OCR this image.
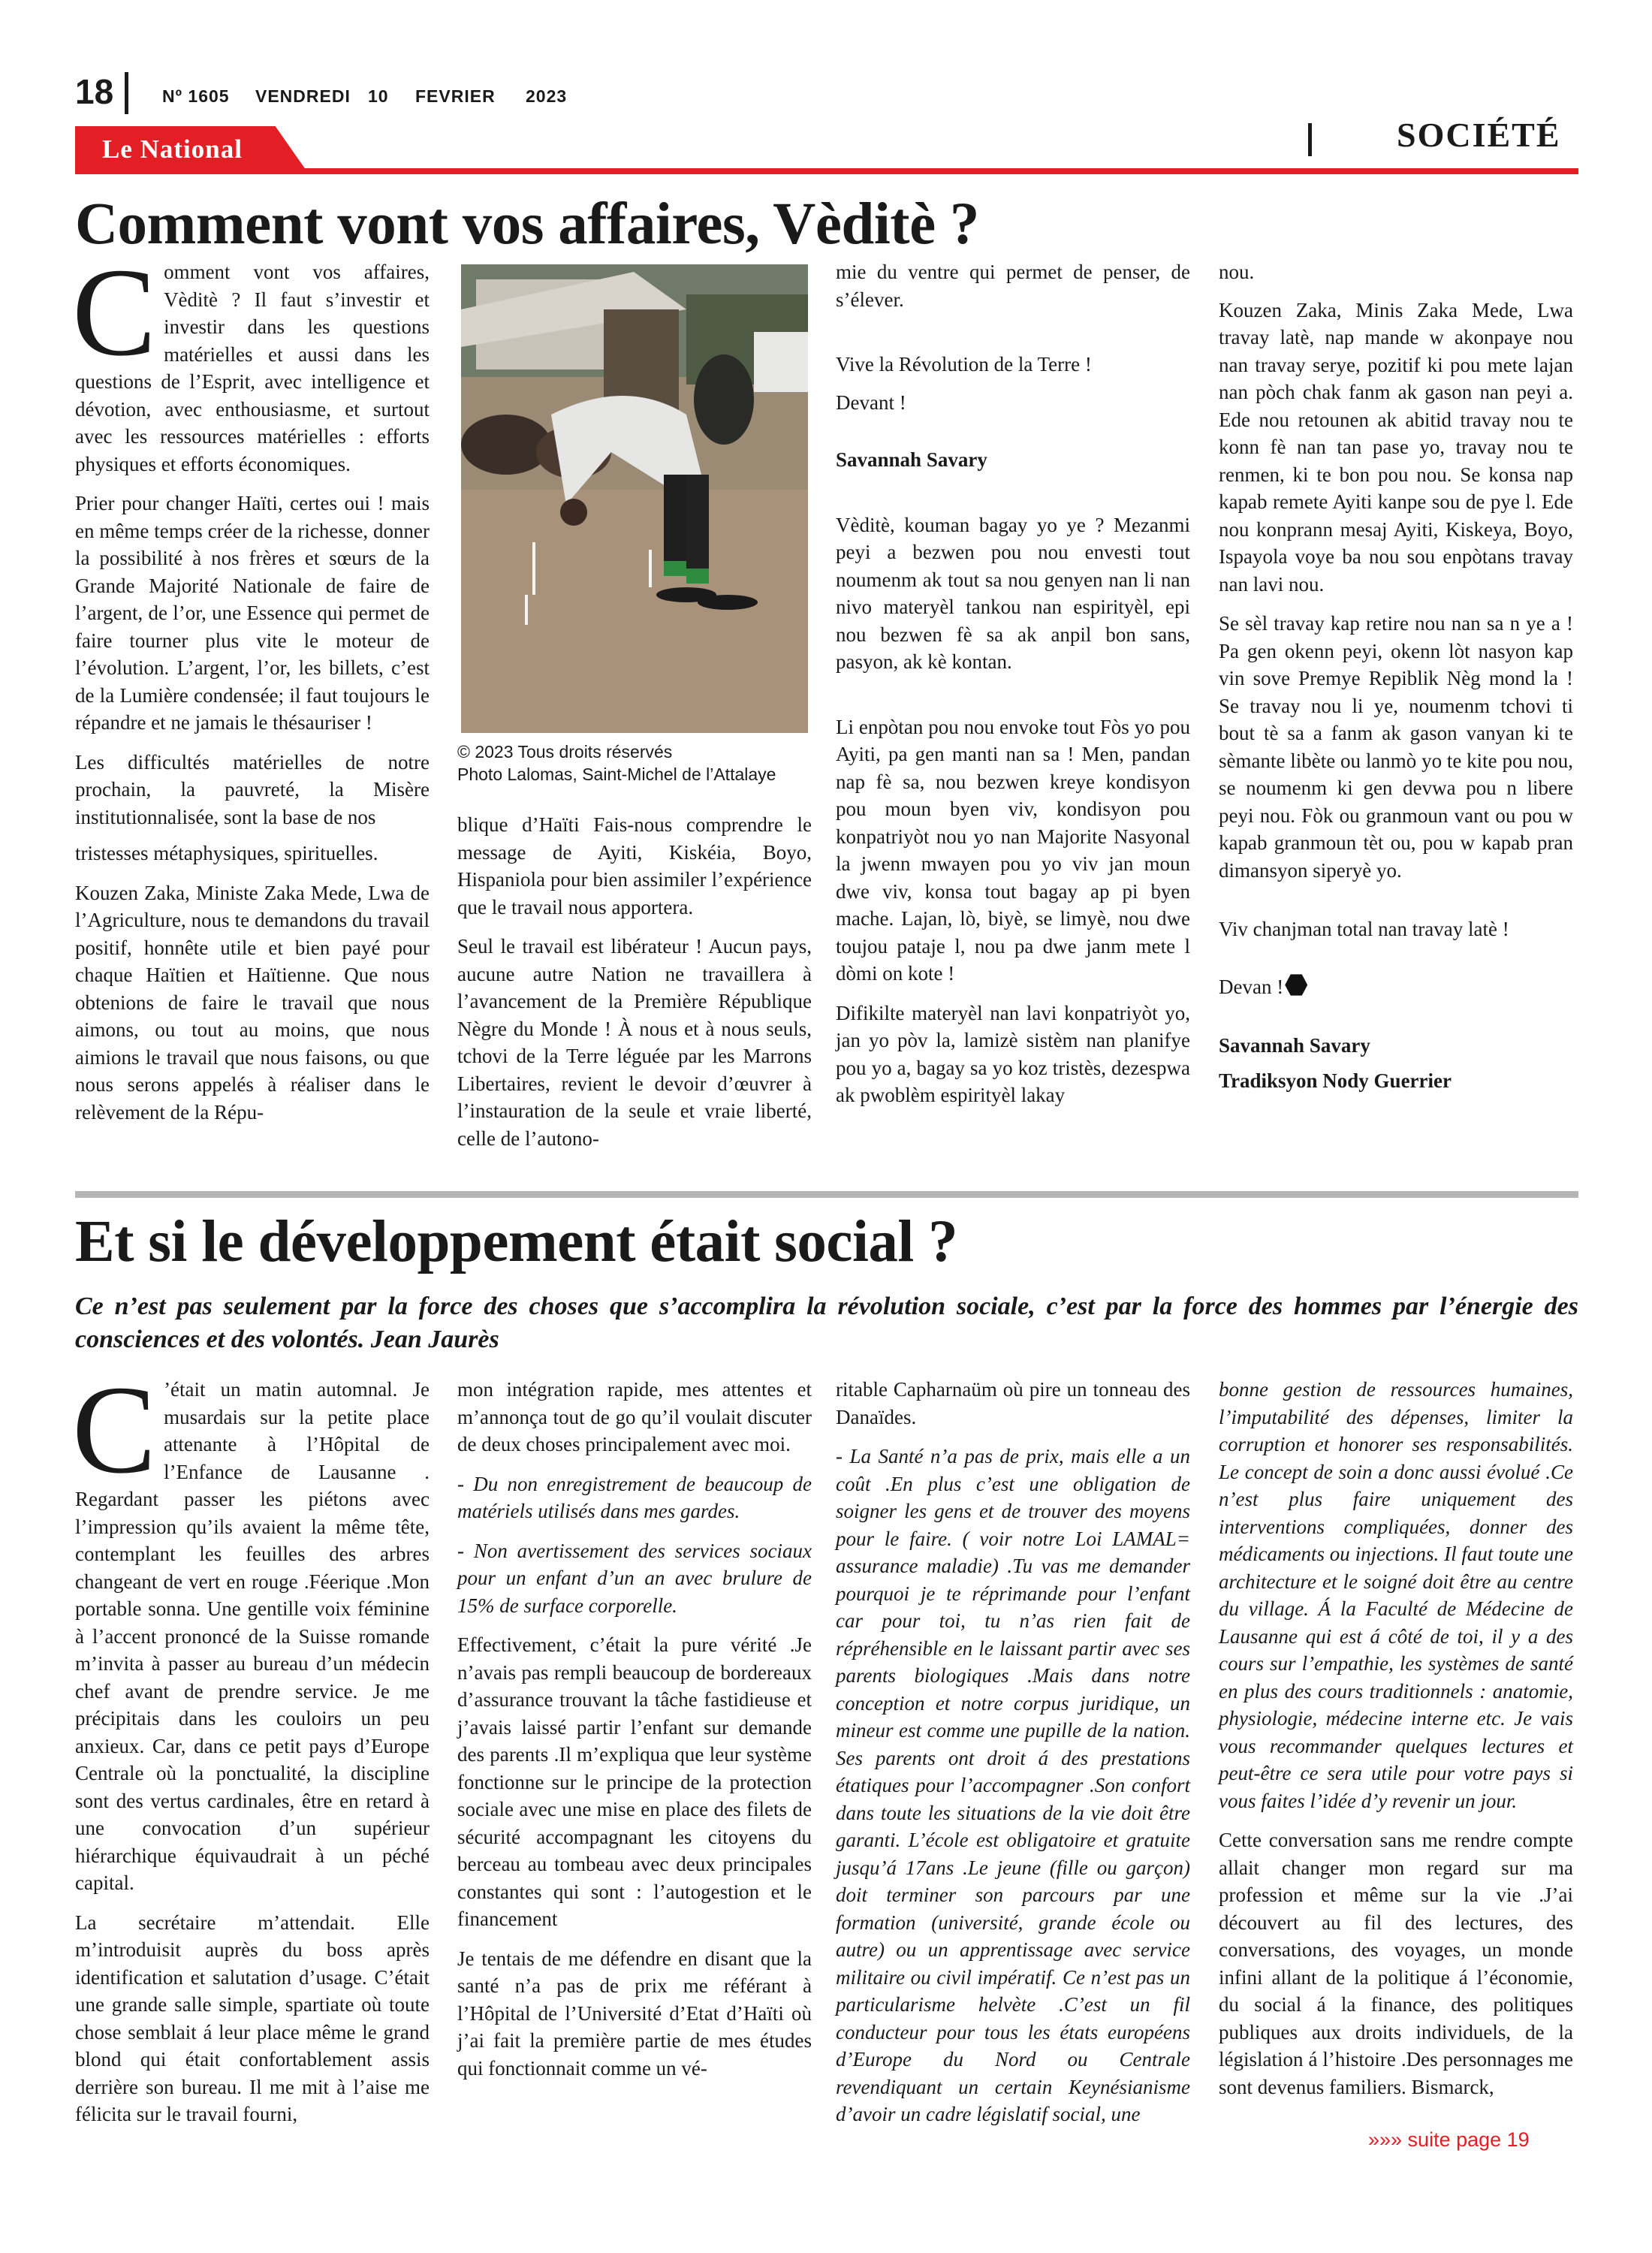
18	Nº 1605 VENDREDI 10 FEVRIER 2023
SOCIÉTÉ
Le National
Comment vont vos affaires, Vèditè ?

Comment vont vos affaires, Vèditè ? Il faut s’investir et investir dans les questions matérielles et aussi dans les questions de l’Esprit, avec intelligence et dévotion, avec enthousiasme, et surtout avec les ressources matérielles : efforts physiques et efforts économiques.

Prier pour changer Haïti, certes oui ! mais en même temps créer de la richesse, donner la possibilité à nos frères et sœurs de la Grande Majorité Nationale de faire de l’argent, de l’or, une Essence qui permet de faire tourner plus vite le moteur de l’évolution. L’argent, l’or, les billets, c’est de la Lumière condensée; il faut toujours le répandre et ne jamais le thésauriser !

Les difficultés matérielles de notre prochain, la pauvreté, la Misère institutionnalisée, sont la base de nos

tristesses métaphysiques, spirituelles.

Kouzen Zaka, Ministe Zaka Mede, Lwa de l’Agriculture, nous te demandons du travail positif, honnête utile et bien payé pour chaque Haïtien et Haïtienne. Que nous obtenions de faire le travail que nous aimons, ou tout au moins, que nous aimions le travail que nous faisons, ou que nous serons appelés à réaliser dans le relèvement de la Répu-

© 2023 Tous droits réservés
Photo Lalomas, Saint-Michel de l’Attalaye

blique d’Haïti Fais-nous comprendre le message de Ayiti, Kiskéia, Boyo, Hispaniola pour bien assimiler l’expérience que le travail nous apportera.

Seul le travail est libérateur ! Aucun pays, aucune autre Nation ne travaillera à l’avancement de la Première République Nègre du Monde ! À nous et à nous seuls, tchovi de la Terre léguée par les Marrons Libertaires, revient le devoir d’œuvrer à l’instauration de la seule et vraie liberté, celle de l’autono-

mie du ventre qui permet de penser, de s’élever.

Vive la Révolution de la Terre !

Devant !

Savannah Savary

Vèditè, kouman bagay yo ye ? Mezanmi peyi a bezwen pou nou envesti tout noumenm ak tout sa nou genyen nan li nan nivo materyèl tankou nan espirityèl, epi nou bezwen fè sa ak anpil bon sans, pasyon, ak kè kontan.

Li enpòtan pou nou envoke tout Fòs yo pou Ayiti, pa gen manti nan sa ! Men, pandan nap fè sa, nou bezwen kreye kondisyon pou moun byen viv, kondisyon pou konpatriyòt nou yo nan Majorite Nasyonal la jwenn mwayen pou yo viv jan moun dwe viv, konsa tout bagay ap pi byen mache. Lajan, lò, biyè, se limyè, nou dwe toujou pataje l, nou pa dwe janm mete l dòmi on kote !

Difikilte materyèl nan lavi konpatriyòt yo, jan yo pòv la, lamizè sistèm nan planifye pou yo a, bagay sa yo koz tristès, dezespwa ak pwoblèm espirityèl lakay

nou.

Kouzen Zaka, Minis Zaka Mede, Lwa travay latè, nap mande w akonpaye nou nan travay serye, pozitif ki pou mete lajan nan pòch chak fanm ak gason nan peyi a. Ede nou retounen ak abitid travay nou te konn fè nan tan pase yo, travay nou te renmen, ki te bon pou nou. Se konsa nap kapab remete Ayiti kanpe sou de pye l. Ede nou konprann mesaj Ayiti, Kiskeya, Boyo, Ispayola voye ba nou sou enpòtans travay nan lavi nou.

Se sèl travay kap retire nou nan sa n ye a ! Pa gen okenn peyi, okenn lòt nasyon kap vin sove Premye Repiblik Nèg mond la ! Se travay nou li ye, noumenm tchovi ti bout tè sa a fanm ak gason vanyan ki te sèmante libète ou lanmò yo te kite pou nou, se noumenm ki gen devwa pou n libere peyi nou. Fòk ou granmoun vant ou pou w kapab granmoun tèt ou, pou w kapab pran dimansyon siperyè yo.

Viv chanjman total nan travay latè !

Devan !

Savannah Savary

Tradiksyon Nody Guerrier

Et si le développement était social ?
Ce n’est pas seulement par la force des choses que s’accomplira la révolution sociale, c’est par la force des hommes par l’énergie des consciences et des volontés. Jean Jaurès

C ’était un matin automnal. Je musardais sur la petite place attenante à l’Hôpital de l’Enfance de Lausanne . Regardant passer les piétons avec l’impression qu’ils avaient la même tête, contemplant les feuilles des arbres changeant de vert en rouge .Féerique .Mon portable sonna. Une gentille voix féminine à l’accent prononcé de la Suisse romande m’invita à passer au bureau d’un médecin chef avant de prendre service. Je me précipitais dans les couloirs un peu anxieux. Car, dans ce petit pays d’Europe Centrale où la ponctualité, la discipline sont des vertus cardinales, être en retard à une convocation d’un supérieur hiérarchique équivaudrait à un péché capital.

La secrétaire m’attendait. Elle m’introduisit auprès du boss après identification et salutation d’usage. C’était une grande salle simple, spartiate où toute chose semblait á leur place même le grand blond qui était confortablement assis derrière son bureau. Il me mit à l’aise me félicita sur le travail fourni,

mon intégration rapide, mes attentes et m’annonça tout de go qu’il voulait discuter de deux choses principalement avec moi.

- Du non enregistrement de beaucoup de matériels utilisés dans mes gardes.

- Non avertissement des services sociaux pour un enfant d’un an avec brulure de 15% de surface corporelle.

Effectivement, c’était la pure vérité .Je n’avais pas rempli beaucoup de bordereaux d’assurance trouvant la tâche fastidieuse et j’avais laissé partir l’enfant sur demande des parents .Il m’expliqua que leur système fonctionne sur le principe de la protection sociale avec une mise en place des filets de sécurité accompagnant les citoyens du berceau au tombeau avec deux principales constantes qui sont : l’autogestion et le financement

Je tentais de me défendre en disant que la santé n’a pas de prix me référant à l’Hôpital de l’Université d’Etat d’Haïti où j’ai fait la première partie de mes études qui fonctionnait comme un vé-

ritable Capharnaüm où pire un tonneau des Danaïdes.

- La Santé n’a pas de prix, mais elle a un coût .En plus c’est une obligation de soigner les gens et de trouver des moyens pour le faire. ( voir notre Loi LAMAL= assurance maladie) .Tu vas me demander pourquoi je te réprimande pour l’enfant car pour toi, tu n’as rien fait de répréhensible en le laissant partir avec ses parents biologiques .Mais dans notre conception et notre corpus juridique, un mineur est comme une pupille de la nation. Ses parents ont droit á des prestations étatiques pour l’accompagner .Son confort dans toute les situations de la vie doit être garanti. L’école est obligatoire et gratuite jusqu’á 17ans .Le jeune (fille ou garçon) doit terminer son parcours par une formation (université, grande école ou autre) ou un apprentissage avec service militaire ou civil impératif. Ce n’est pas un particularisme helvète .C’est un fil conducteur pour tous les états européens d’Europe du Nord ou Centrale revendiquant un certain Keynésianisme d’avoir un cadre législatif social, une

bonne gestion de ressources humaines, l’imputabilité des dépenses, limiter la corruption et honorer ses responsabilités. Le concept de soin a donc aussi évolué .Ce n’est plus faire uniquement des interventions compliquées, donner des médicaments ou injections. Il faut toute une architecture et le soigné doit être au centre du village. Á la Faculté de Médecine de Lausanne qui est á côté de toi, il y a des cours sur l’empathie, les systèmes de santé en plus des cours traditionnels : anatomie, physiologie, médecine interne etc. Je vais vous recommander quelques lectures et peut-être ce sera utile pour votre pays si vous faites l’idée d’y revenir un jour.

Cette conversation sans me rendre compte allait changer mon regard sur ma profession et même sur la vie .J’ai découvert au fil des lectures, des conversations, des voyages, un monde infini allant de la politique á l’économie, du social á la finance, des politiques publiques aux droits individuels, de la législation á l’histoire .Des personnages me sont devenus familiers. Bismarck,

»»» suite page 19
